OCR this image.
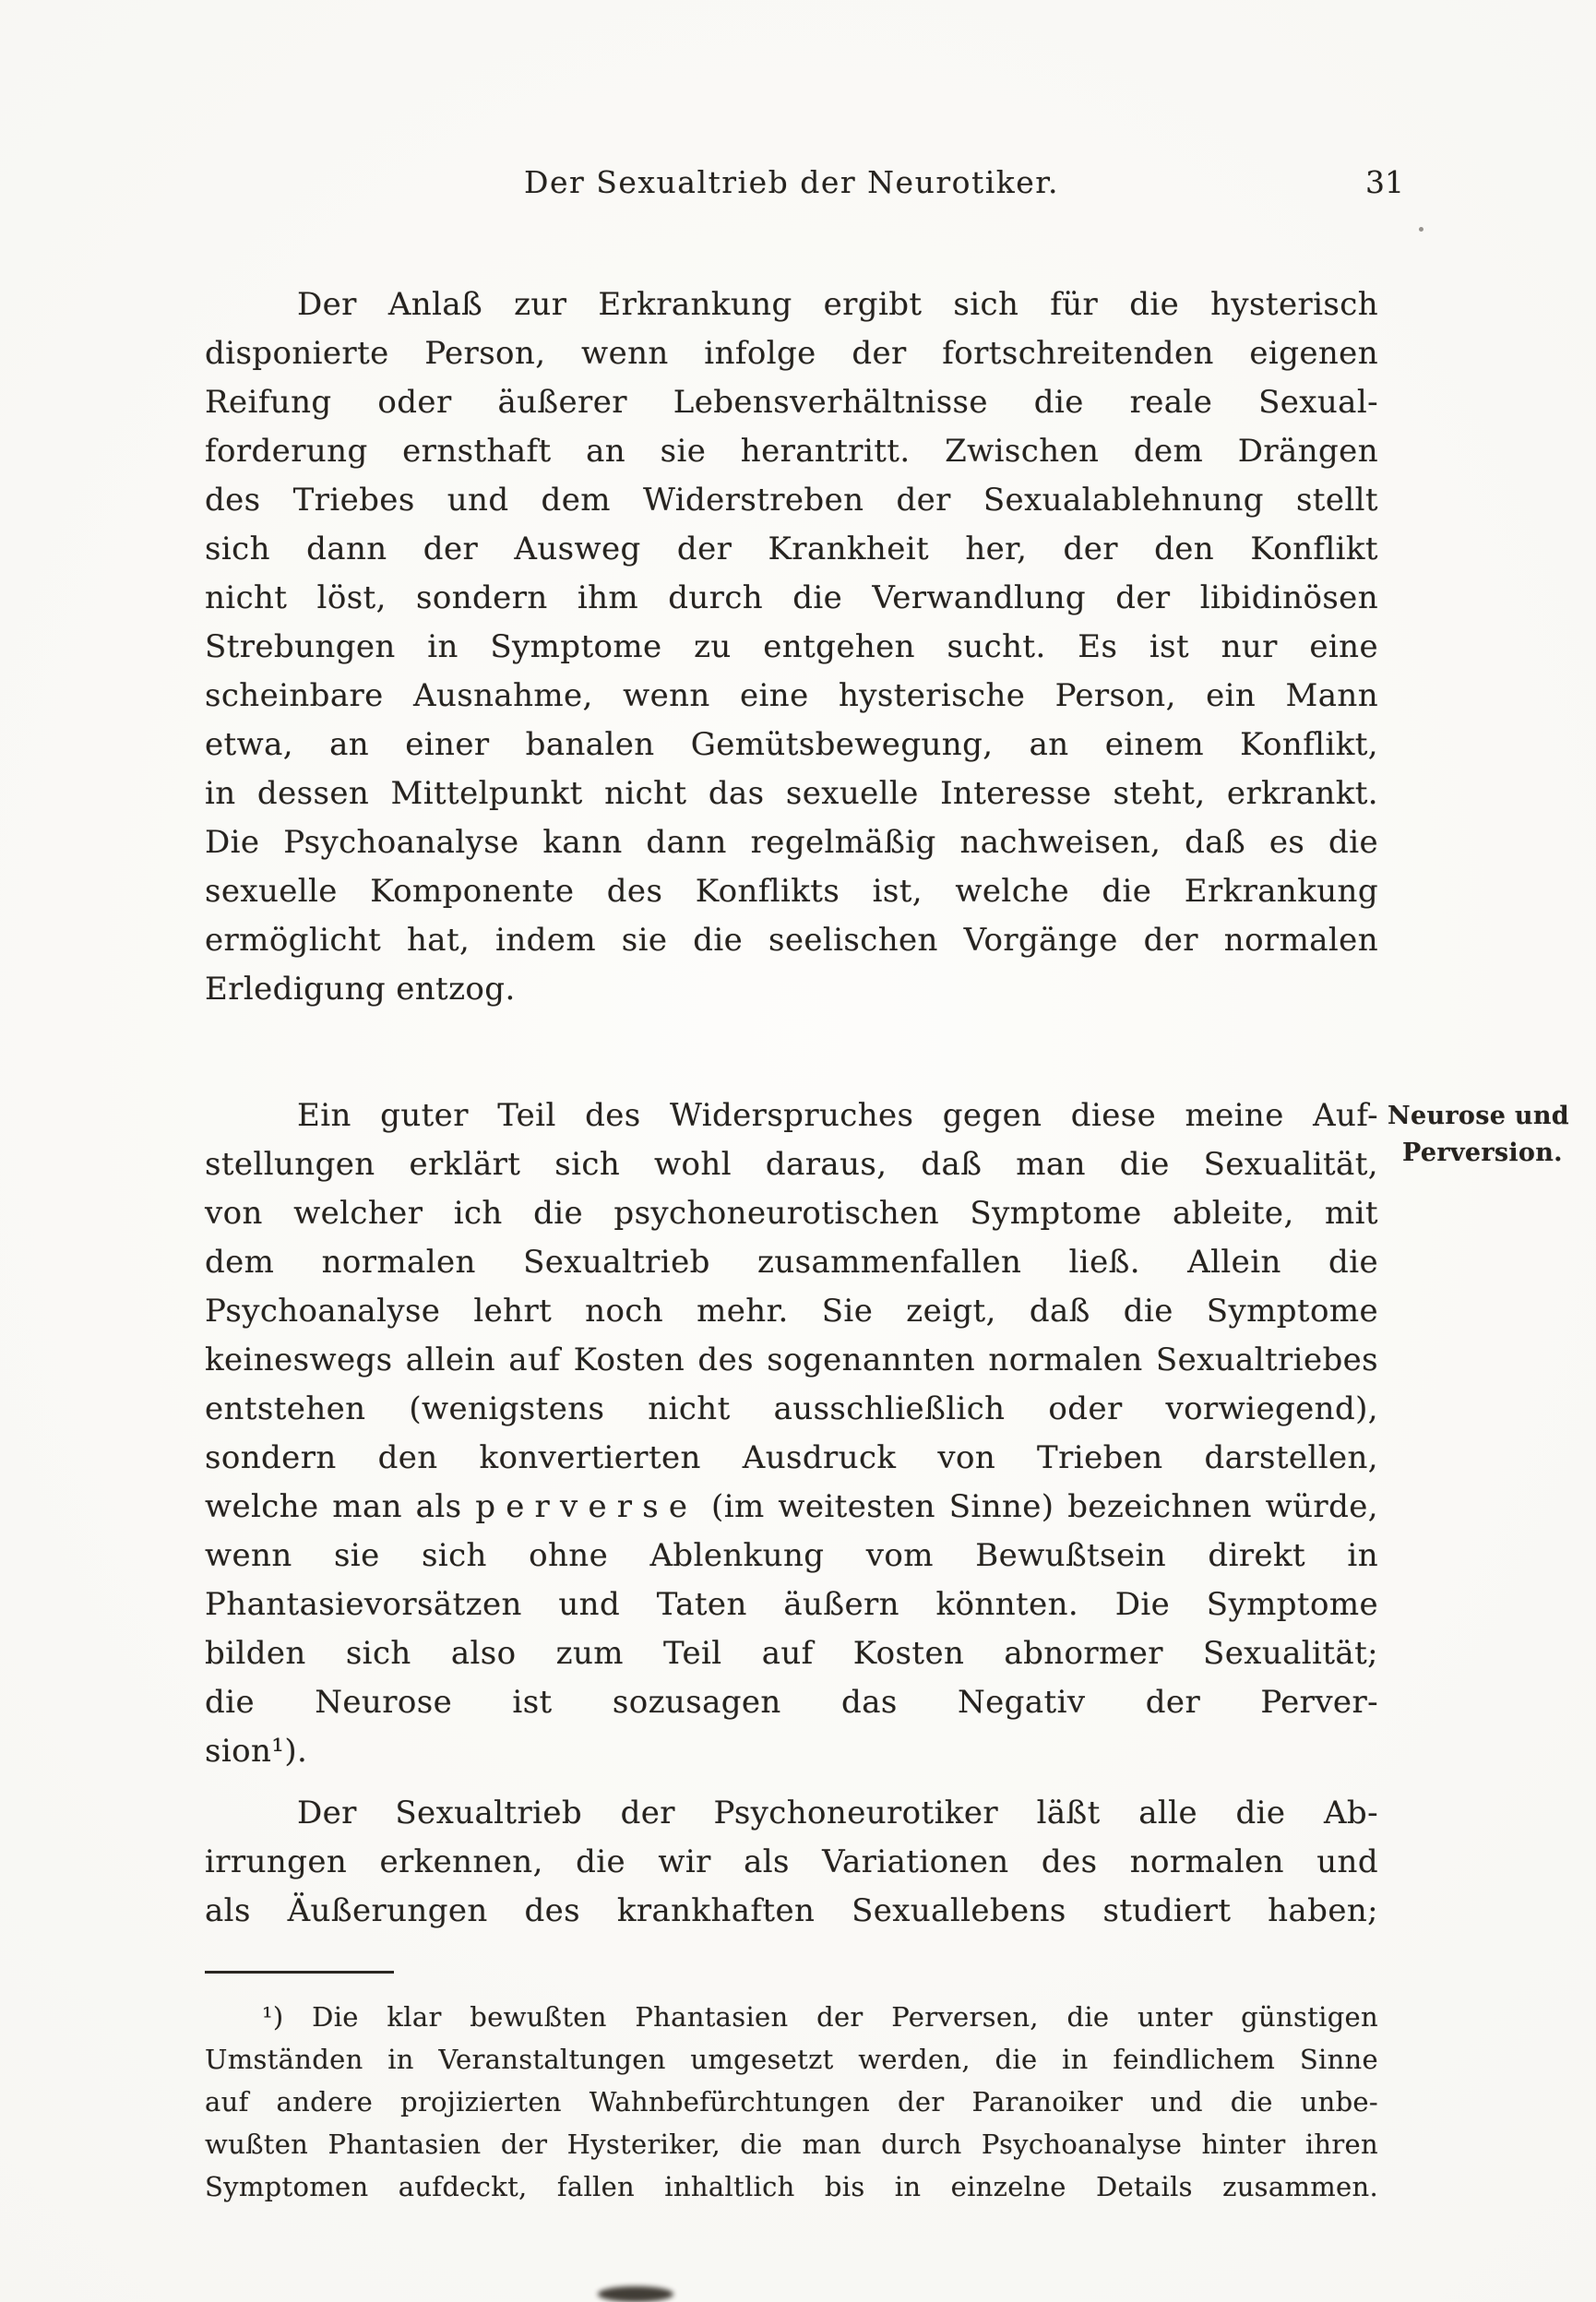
Der Sexualtrieb der Neurotiker.	31
Der Anlaß zur Erkrankung ergibt sich für die hysterisch
disponierte Person, wenn infolge der fortschreitenden eigenen
Reifung oder äußerer Lebensverhältnisse die reale Sexual-
forderung ernsthaft an sie herantritt. Zwischen dem Drängen
des Triebes und dem Widerstreben der Sexualablehnung stellt
sich dann der Ausweg der Krankheit her, der den Konflikt
nicht löst, sondern ihm durch die Verwandlung der libidinösen
Strebungen in Symptome zu entgehen sucht. Es ist nur eine
scheinbare Ausnahme, wenn eine hysterische Person, ein Mann
etwa, an einer banalen Gemütsbewegung, an einem Konflikt,
in dessen Mittelpunkt nicht das sexuelle Interesse steht, erkrankt.
Die Psychoanalyse kann dann regelmäßig nachweisen, daß es die
sexuelle Komponente des Konflikts ist, welche die Erkrankung
ermöglicht hat, indem sie die seelischen Vorgänge der normalen
Erledigung entzog.
Ein guter Teil des Widerspruches gegen diese meine Auf-
stellungen erklärt sich wohl daraus, daß man die Sexualität,
von welcher ich die psychoneurotischen Symptome ableite, mit
dem normalen Sexualtrieb zusammenfallen ließ. Allein die
Psychoanalyse lehrt noch mehr. Sie zeigt, daß die Symptome
keineswegs allein auf Kosten des sogenannten normalen Sexualtriebes
entstehen (wenigstens nicht ausschließlich oder vorwiegend),
sondern den konvertierten Ausdruck von Trieben darstellen,
welche man als perverse (im weitesten Sinne) bezeichnen würde,
wenn sie sich ohne Ablenkung vom Bewußtsein direkt in
Phantasievorsätzen und Taten äußern könnten. Die Symptome
bilden sich also zum Teil auf Kosten abnormer Sexualität;
die Neurose ist sozusagen das Negativ der Perver-
sion¹).
Der Sexualtrieb der Psychoneurotiker läßt alle die Ab-
irrungen erkennen, die wir als Variationen des normalen und
als Äußerungen des krankhaften Sexuallebens studiert haben;
¹) Die klar bewußten Phantasien der Perversen, die unter günstigen
Umständen in Veranstaltungen umgesetzt werden, die in feindlichem Sinne
auf andere projizierten Wahnbefürchtungen der Paranoiker und die unbe-
wußten Phantasien der Hysteriker, die man durch Psychoanalyse hinter ihren
Symptomen aufdeckt, fallen inhaltlich bis in einzelne Details zusammen.
Neurose und
Perversion.
